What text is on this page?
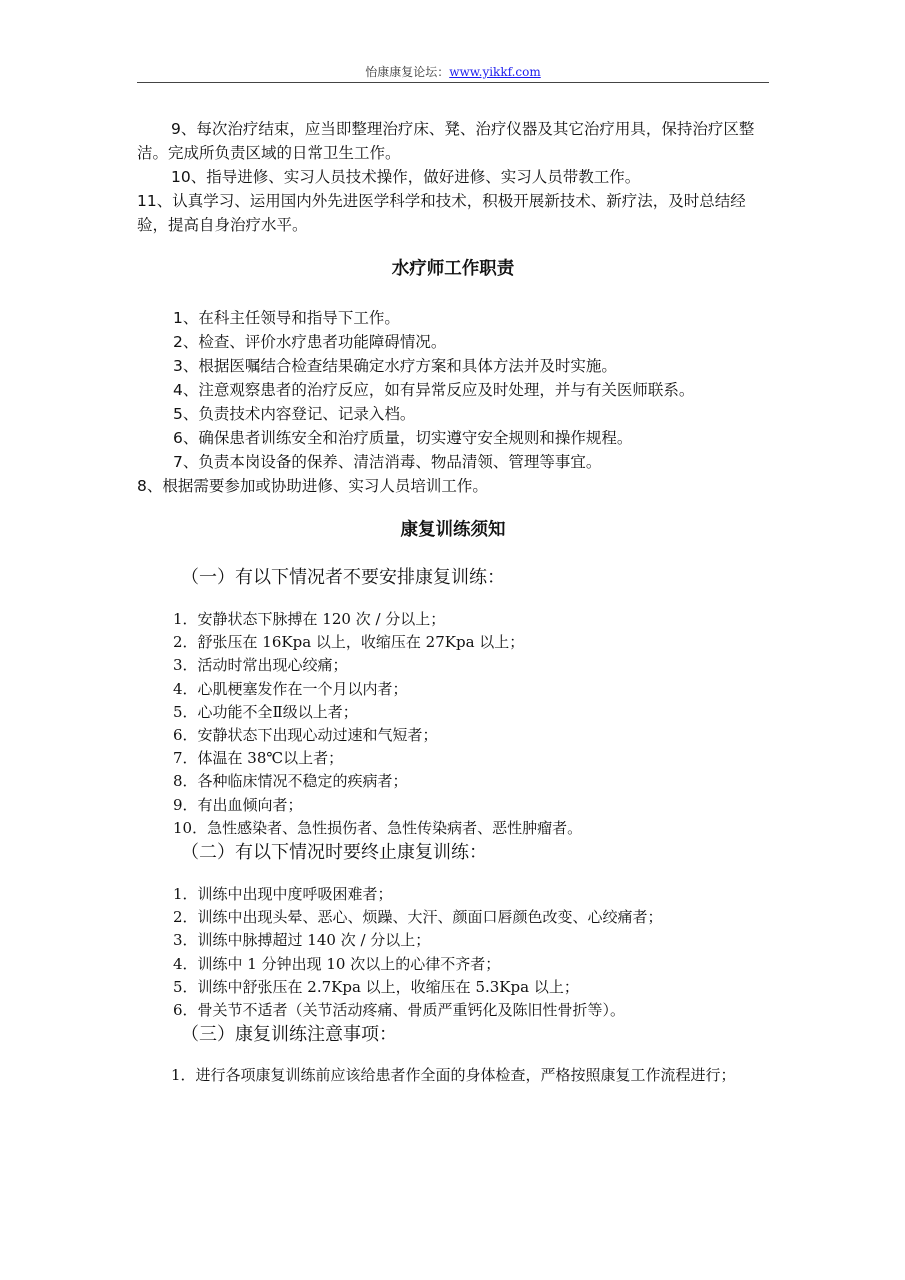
怡康康复论坛：www.yikkf.com

9、每次治疗结束，应当即整理治疗床、凳、治疗仪器及其它治疗用具，保持治疗区整洁。完成所负责区域的日常卫生工作。

10、指导进修、实习人员技术操作，做好进修、实习人员带教工作。

11、认真学习、运用国内外先进医学科学和技术，积极开展新技术、新疗法，及时总结经验，提高自身治疗水平。

水疗师工作职责

1、在科主任领导和指导下工作。

2、检查、评价水疗患者功能障碍情况。

3、根据医嘱结合检查结果确定水疗方案和具体方法并及时实施。

4、注意观察患者的治疗反应，如有异常反应及时处理，并与有关医师联系。

5、负责技术内容登记、记录入档。

6、确保患者训练安全和治疗质量，切实遵守安全规则和操作规程。

7、负责本岗设备的保养、清洁消毒、物品清领、管理等事宜。

8、根据需要参加或协助进修、实习人员培训工作。

康复训练须知

（一）有以下情况者不要安排康复训练：

1．安静状态下脉搏在 120 次 / 分以上；

2．舒张压在 16Kpa 以上，收缩压在 27Kpa 以上；

3．活动时常出现心绞痛；

4．心肌梗塞发作在一个月以内者；

5．心功能不全Ⅱ级以上者；

6．安静状态下出现心动过速和气短者；

7．体温在 38℃以上者；

8．各种临床情况不稳定的疾病者；

9．有出血倾向者；

10．急性感染者、急性损伤者、急性传染病者、恶性肿瘤者。

（二）有以下情况时要终止康复训练：

1．训练中出现中度呼吸困难者；

2．训练中出现头晕、恶心、烦躁、大汗、颜面口唇颜色改变、心绞痛者；

3．训练中脉搏超过 140 次 / 分以上；

4．训练中 1 分钟出现 10 次以上的心律不齐者；

5．训练中舒张压在 2.7Kpa 以上，收缩压在 5.3Kpa 以上；

6．骨关节不适者（关节活动疼痛、骨质严重钙化及陈旧性骨折等）。

（三）康复训练注意事项：

1．进行各项康复训练前应该给患者作全面的身体检查，严格按照康复工作流程进行；
